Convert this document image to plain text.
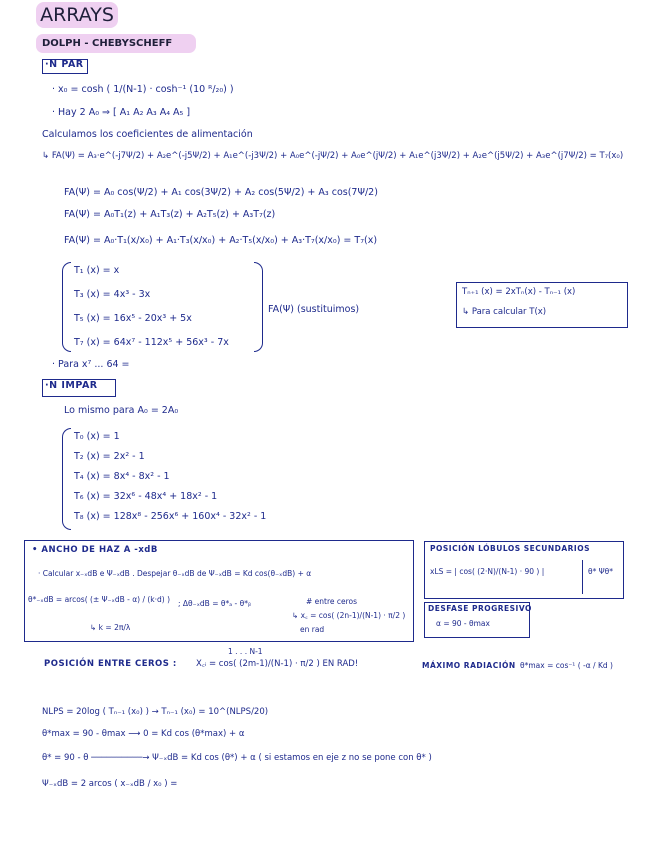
ARRAYS
DOLPH - CHEBYSCHEFF
·N PAR
· x₀ = cosh ( 1/(N-1) · cosh⁻¹ (10 ᴿ/₂₀) )
· Hay 2 A₀ ⇒ [ A₁ A₂ A₃ A₄ A₅ ]
Calculamos los coeficientes de alimentación
↳ FA(Ψ) = A₃·e^(-j7Ψ/2) + A₂e^(-j5Ψ/2) + A₁e^(-j3Ψ/2) + A₀e^(-jΨ/2) + A₀e^(jΨ/2) + A₁e^(j3Ψ/2) + A₂e^(j5Ψ/2) + A₃e^(j7Ψ/2) = T₇(x₀)
FA(Ψ) = A₀ cos(Ψ/2) + A₁ cos(3Ψ/2) + A₂ cos(5Ψ/2) + A₃ cos(7Ψ/2)
FA(Ψ) = A₀T₁(z) + A₁T₃(z) + A₂T₅(z) + A₃T₇(z)
FA(Ψ) = A₀·T₁(x/x₀) + A₁·T₃(x/x₀) + A₂·T₅(x/x₀) + A₃·T₇(x/x₀) = T₇(x)
T₁ (x) = x
T₃ (x) = 4x³ - 3x
T₅ (x) = 16x⁵ - 20x³ + 5x
T₇ (x) = 64x⁷ - 112x⁵ + 56x³ - 7x
FA(Ψ) (sustituimos)
· Para x⁷ ... 64 =
Tₙ₊₁ (x) = 2xTₙ(x) - Tₙ₋₁ (x)
↳ Para calcular T(x)
·N IMPAR
Lo mismo para A₀ = 2A₀
T₀ (x) = 1
T₂ (x) = 2x² - 1
T₄ (x) = 8x⁴ - 8x² - 1
T₆ (x) = 32x⁶ - 48x⁴ + 18x² - 1
T₈ (x) = 128x⁸ - 256x⁶ + 160x⁴ - 32x² - 1
• ANCHO DE HAZ A -xdB
· Calcular x₋ₓdB e Ψ₋ₓdB . Despejar θ₋ₓdB de Ψ₋ₓdB = Kd cos(θ₋ₓdB) + α
θ*₋ₓdB = arcos( (± Ψ₋ₓdB - α) / (k·d) ) ; Δθ₋ₓdB = θ*ₐ - θ*ᵦ
↳ k = 2π/λ
# entre ceros
↳ x꜀ = cos( (2n-1)/(N-1) · π/2 )
en rad
POSICIÓN LÓBULOS SECUNDARIOS
xLS = | cos( (2·N)/(N-1) · 90 ) |	θ* Ψθ*
DESFASE PROGRESIVO
α = 90 - θmax
1 . . . N-1
POSICIÓN ENTRE CEROS : X꜀ᵢ = cos( (2m-1)/(N-1) · π/2 ) EN RAD!	MÁXIMO RADIACIÓN θ*max = cos⁻¹ ( -α / Kd )
NLPS = 20log ( Tₙ₋₁ (x₀) ) → Tₙ₋₁ (x₀) = 10^(NLPS/20)
θ*max = 90 - θmax ⟶ 0 = Kd cos (θ*max) + α
θ* = 90 - θ ──────────→ Ψ₋ₓdB = Kd cos (θ*) + α ( si estamos en eje z no se pone con θ* )
Ψ₋ₓdB = 2 arcos ( x₋ₓdB / x₀ ) =
